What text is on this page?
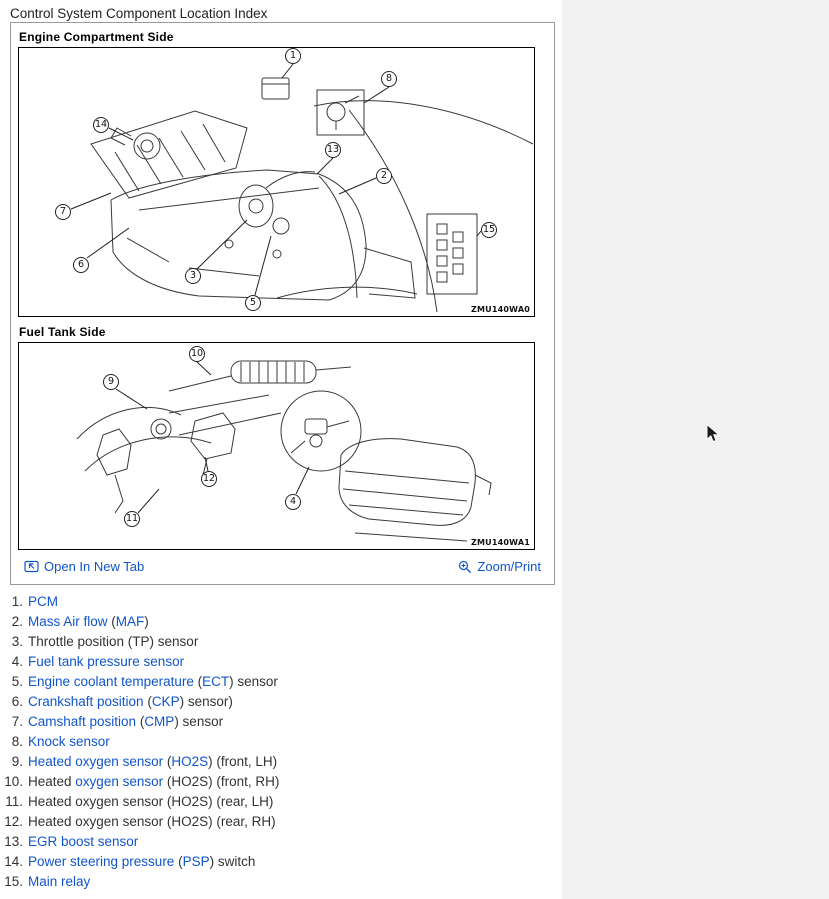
Control System Component Location Index
Engine Compartment Side
ZMU140WA0
1
8
14
13
2
7
6
3
5
15
Fuel Tank Side
ZMU140WA1
10
9
12
11
4
Open In New Tab	Zoom/Print
1. PCM
2. Mass Air flow (MAF)
3. Throttle position (TP) sensor
4. Fuel tank pressure sensor
5. Engine coolant temperature (ECT) sensor
6. Crankshaft position (CKP) sensor)
7. Camshaft position (CMP) sensor
8. Knock sensor
9. Heated oxygen sensor (HO2S) (front, LH)
10. Heated oxygen sensor (HO2S) (front, RH)
11. Heated oxygen sensor (HO2S) (rear, LH)
12. Heated oxygen sensor (HO2S) (rear, RH)
13. EGR boost sensor
14. Power steering pressure (PSP) switch
15. Main relay
